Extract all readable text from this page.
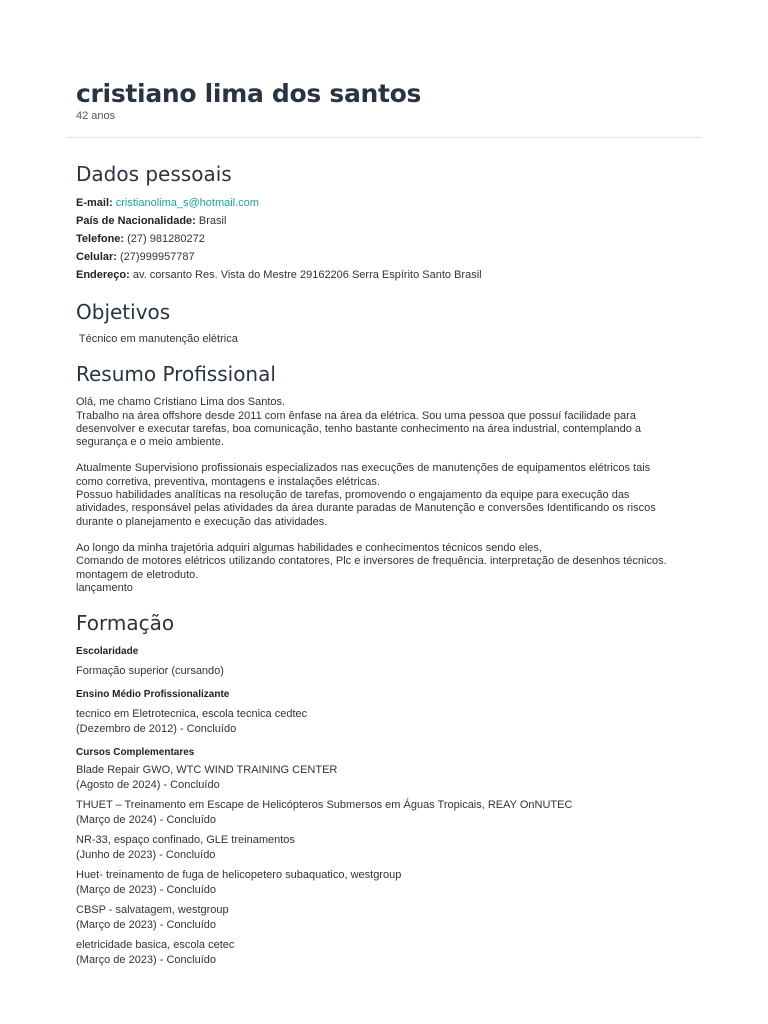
cristiano lima dos santos
42 anos
Dados pessoais
E-mail: cristianolima_s@hotmail.com
País de Nacionalidade: Brasil
Telefone: (27) 981280272
Celular: (27)999957787
Endereço: av. corsanto Res. Vista do Mestre 29162206 Serra Espírito Santo Brasil
Objetivos
Técnico em manutenção elétrica
Resumo Profissional
Olá, me chamo Cristiano Lima dos Santos.
Trabalho na área offshore desde 2011 com ênfase na área da elétrica. Sou uma pessoa que possuí facilidade para
desenvolver e executar tarefas, boa comunicação, tenho bastante conhecimento na área industrial, contemplando a
segurança e o meio ambiente.
Atualmente Supervisiono profissionais especializados nas execuções de manutenções de equipamentos elétricos tais
como corretiva, preventiva, montagens e instalações elétricas.
Possuo habilidades analíticas na resolução de tarefas, promovendo o engajamento da equipe para execução das
atividades, responsável pelas atividades da área durante paradas de Manutenção e conversões Identificando os riscos
durante o planejamento e execução das atividades.
Ao longo da minha trajetória adquiri algumas habilidades e conhecimentos técnicos sendo eles,
Comando de motores elétricos utilizando contatores, Plc e inversores de frequência. interpretação de desenhos técnicos.
montagem de eletroduto.
lançamento
Formação
Escolaridade
Formação superior (cursando)
Ensino Médio Profissionalizante
tecnico em Eletrotecnica, escola tecnica cedtec
(Dezembro de 2012) - Concluído
Cursos Complementares
Blade Repair GWO, WTC WIND TRAINING CENTER
(Agosto de 2024) - Concluído
THUET – Treinamento em Escape de Helicópteros Submersos em Águas Tropicais, REAY OnNUTEC
(Março de 2024) - Concluído
NR-33, espaço confinado, GLE treinamentos
(Junho de 2023) - Concluído
Huet- treinamento de fuga de helicopetero subaquatico, westgroup
(Março de 2023) - Concluído
CBSP - salvatagem, westgroup
(Março de 2023) - Concluído
eletricidade basica, escola cetec
(Março de 2023) - Concluído
